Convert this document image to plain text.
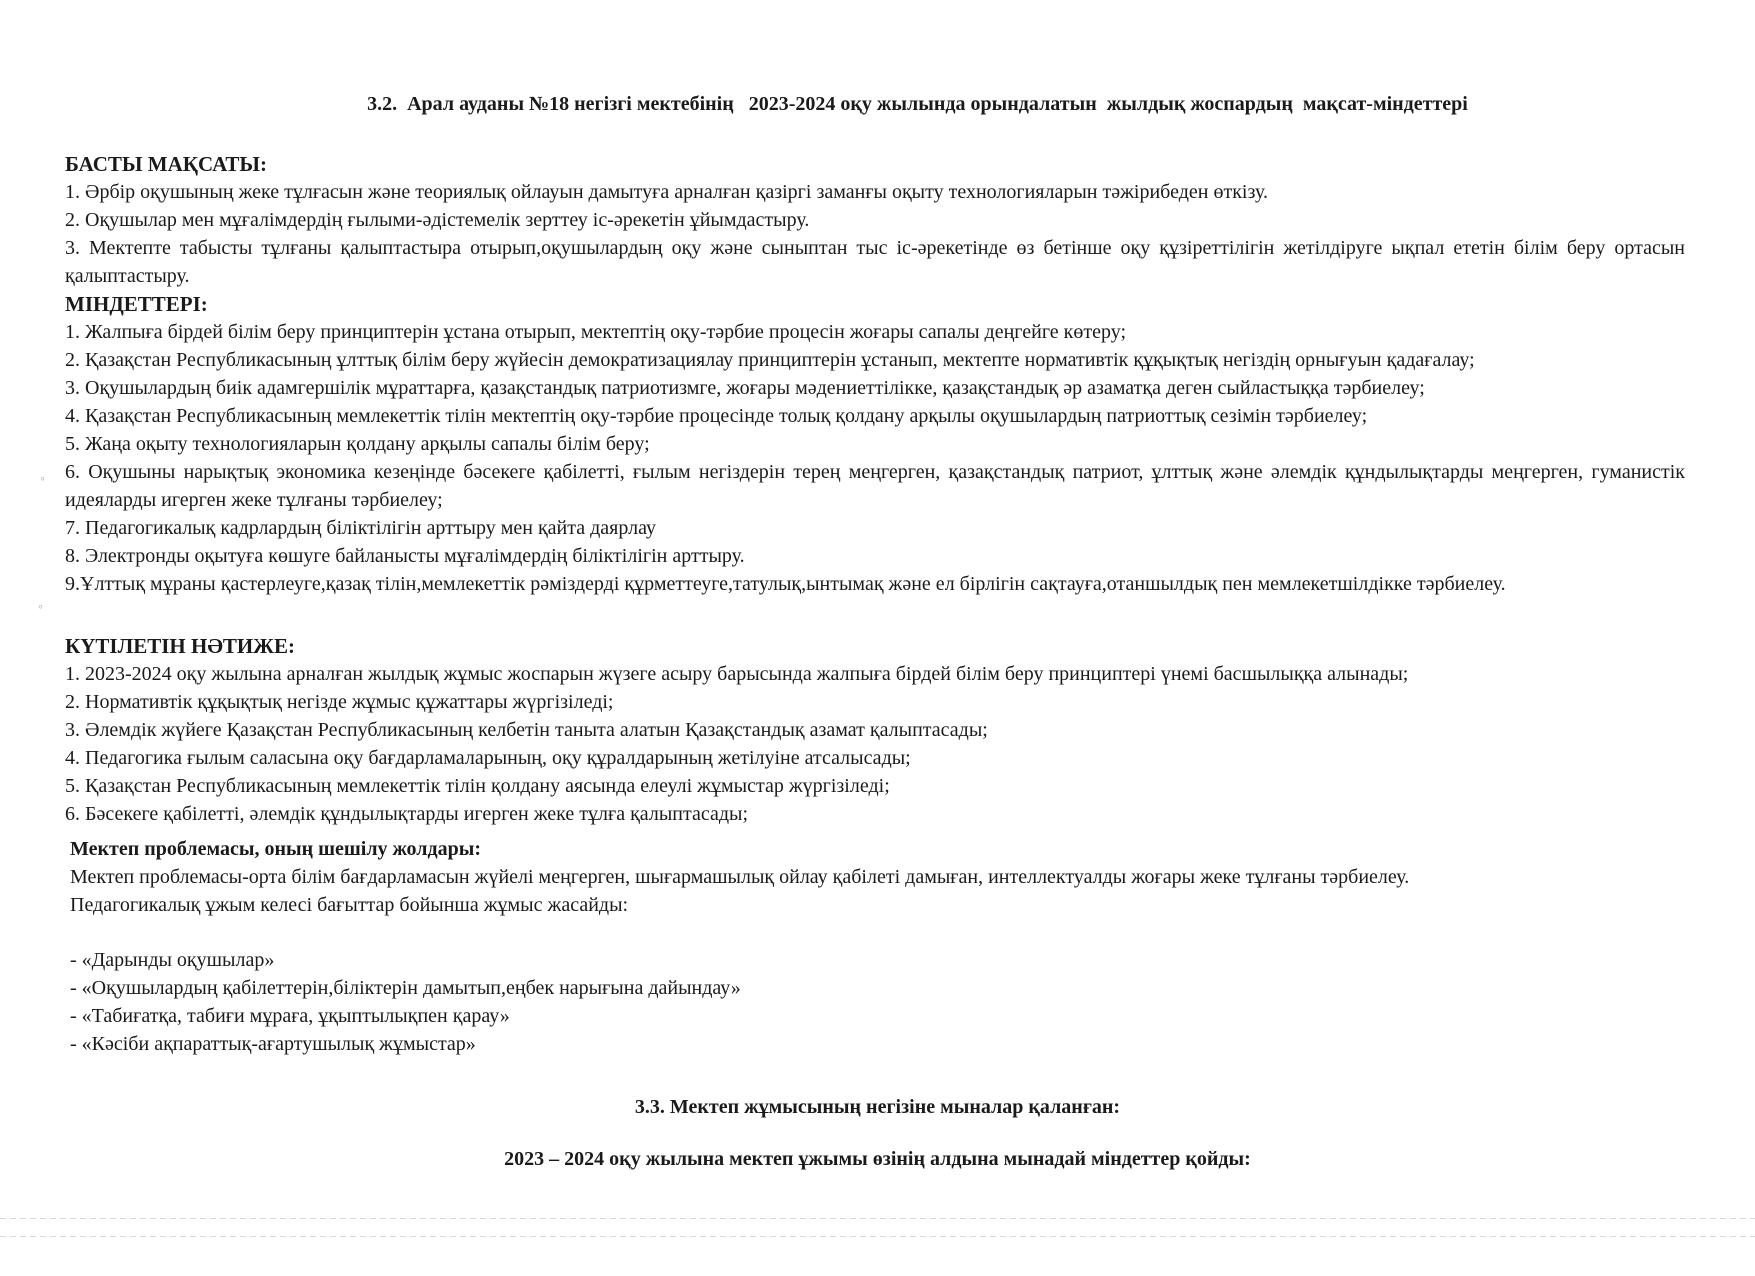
3.2.  Арал ауданы №18 негізгі мектебінің   2023-2024 оқу жылында орындалатын  жылдық жоспардың  мақсат-міндеттері
БАСТЫ МАҚСАТЫ:

1. Әрбір оқушының жеке тұлғасын және теориялық ойлауын дамытуға арналған қазіргі заманғы оқыту технологияларын тәжірибеден өткізу.

2. Оқушылар мен мұғалімдердің ғылыми-әдістемелік зерттеу іс-әрекетін ұйымдастыру.

3. Мектепте табысты тұлғаны қалыптастыра отырып,оқушылардың оқу және сыныптан тыс іс-әрекетінде өз бетінше оқу құзіреттілігін жетілдіруге ықпал ететін білім беру ортасын қалыптастыру.

МІНДЕТТЕРІ:

1. Жалпыға бірдей білім беру принциптерін ұстана отырып, мектептің оқу-тәрбие процесін жоғары сапалы деңгейге көтеру;

2. Қазақстан Республикасының ұлттық білім беру жүйесін демократизациялау принциптерін ұстанып, мектепте нормативтік құқықтық негіздің орнығуын қадағалау;

3. Оқушылардың биік адамгершілік мұраттарға, қазақстандық патриотизмге, жоғары мәдениеттілікке, қазақстандық әр азаматқа деген сыйластыққа тәрбиелеу;

4. Қазақстан Республикасының мемлекеттік тілін мектептің оқу-тәрбие процесінде толық қолдану арқылы оқушылардың патриоттық сезімін тәрбиелеу;

5. Жаңа оқыту технологияларын қолдану арқылы сапалы білім беру;

6. Оқушыны нарықтық экономика кезеңінде бәсекеге қабілетті, ғылым негіздерін терең меңгерген, қазақстандық патриот, ұлттық және әлемдік құндылықтарды меңгерген, гуманистік идеяларды игерген жеке тұлғаны тәрбиелеу;

7. Педагогикалық кадрлардың біліктілігін арттыру мен қайта даярлау

8. Электронды оқытуға көшуге байланысты мұғалімдердің біліктілігін арттыру.

9.Ұлттық мұраны қастерлеуге,қазақ тілін,мемлекеттік рәміздерді құрметтеуге,татулық,ынтымақ және ел бірлігін сақтауға,отаншылдық пен мемлекетшілдікке тәрбиелеу.

КҮТІЛЕТІН НӘТИЖЕ:

1. 2023-2024 оқу жылына арналған жылдық жұмыс жоспарын жүзеге асыру барысында жалпыға бірдей білім беру принциптері үнемі басшылыққа алынады;

2. Нормативтік құқықтық негізде жұмыс құжаттары жүргізіледі;

3. Әлемдік жүйеге Қазақстан Республикасының келбетін таныта алатын Қазақстандық азамат қалыптасады;

4. Педагогика ғылым саласына оқу бағдарламаларының, оқу құралдарының жетілуіне атсалысады;

5. Қазақстан Республикасының мемлекеттік тілін қолдану аясында елеулі жұмыстар жүргізіледі;

6. Бәсекеге қабілетті, әлемдік құндылықтарды игерген жеке тұлға қалыптасады;

Мектеп проблемасы, оның шешілу жолдары:

Мектеп проблемасы-орта білім бағдарламасын жүйелі меңгерген, шығармашылық ойлау қабілеті дамыған, интеллектуалды жоғары жеке тұлғаны тәрбиелеу.

Педагогикалық ұжым келесі бағыттар бойынша жұмыс жасайды:

- «Дарынды оқушылар»

- «Оқушылардың қабілеттерін,біліктерін дамытып,еңбек нарығына дайындау»

- «Табиғатқа, табиғи мұраға, ұқыптылықпен қарау»

- «Кәсіби ақпараттық-ағартушылық жұмыстар»

3.3. Мектеп жұмысының негізіне мыналар қаланған:
2023 – 2024 оқу жылына мектеп ұжымы өзінің алдына мынадай міндеттер қойды:
◦
◦
